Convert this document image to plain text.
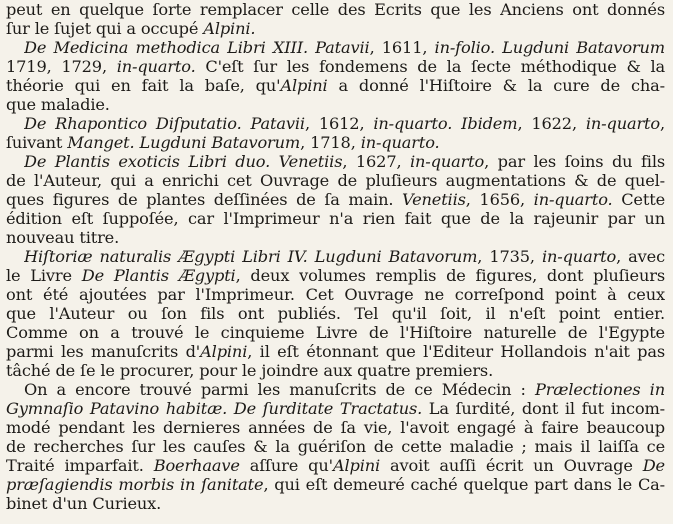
peut en quelque ſorte remplacer celle des Ecrits que les Anciens ont donnés
ſur le ſujet qui a occupé Alpini.
De Medicina methodica Libri XIII. Patavii, 1611, in-folio. Lugduni Batavorum
1719, 1729, in-quarto. C'eſt ſur les fondemens de la ſecte méthodique & la
théorie qui en fait la baſe, qu'Alpini a donné l'Hiſtoire & la cure de cha-
que maladie.
De Rhapontico Diſputatio. Patavii, 1612, in-quarto. Ibidem, 1622, in-quarto,
ſuivant Manget. Lugduni Batavorum, 1718, in-quarto.
De Plantis exoticis Libri duo. Venetiis, 1627, in-quarto, par les ſoins du fils
de l'Auteur, qui a enrichi cet Ouvrage de pluſieurs augmentations & de quel-
ques figures de plantes deſſinées de ſa main. Venetiis, 1656, in-quarto. Cette
édition eſt ſuppoſée, car l'Imprimeur n'a rien fait que de la rajeunir par un
nouveau titre.
Hiſtoriæ naturalis Ægypti Libri IV. Lugduni Batavorum, 1735, in-quarto, avec
le Livre De Plantis Ægypti, deux volumes remplis de figures, dont pluſieurs
ont été ajoutées par l'Imprimeur. Cet Ouvrage ne correſpond point à ceux
que l'Auteur ou ſon fils ont publiés. Tel qu'il ſoit, il n'eſt point entier.
Comme on a trouvé le cinquieme Livre de l'Hiſtoire naturelle de l'Egypte
parmi les manuſcrits d'Alpini, il eſt étonnant que l'Editeur Hollandois n'ait pas
tâché de ſe le procurer, pour le joindre aux quatre premiers.
On a encore trouvé parmi les manuſcrits de ce Médecin : Prælectiones in
Gymnaſio Patavino habitæ. De ſurditate Tractatus. La ſurdité, dont il fut incom-
modé pendant les dernieres années de ſa vie, l'avoit engagé à faire beaucoup
de recherches ſur les cauſes & la guériſon de cette maladie ; mais il laiſſa ce
Traité imparfait. Boerhaave aſſure qu'Alpini avoit auſſi écrit un Ouvrage De
præſagiendis morbis in ſanitate, qui eſt demeuré caché quelque part dans le Ca-
binet d'un Curieux.
